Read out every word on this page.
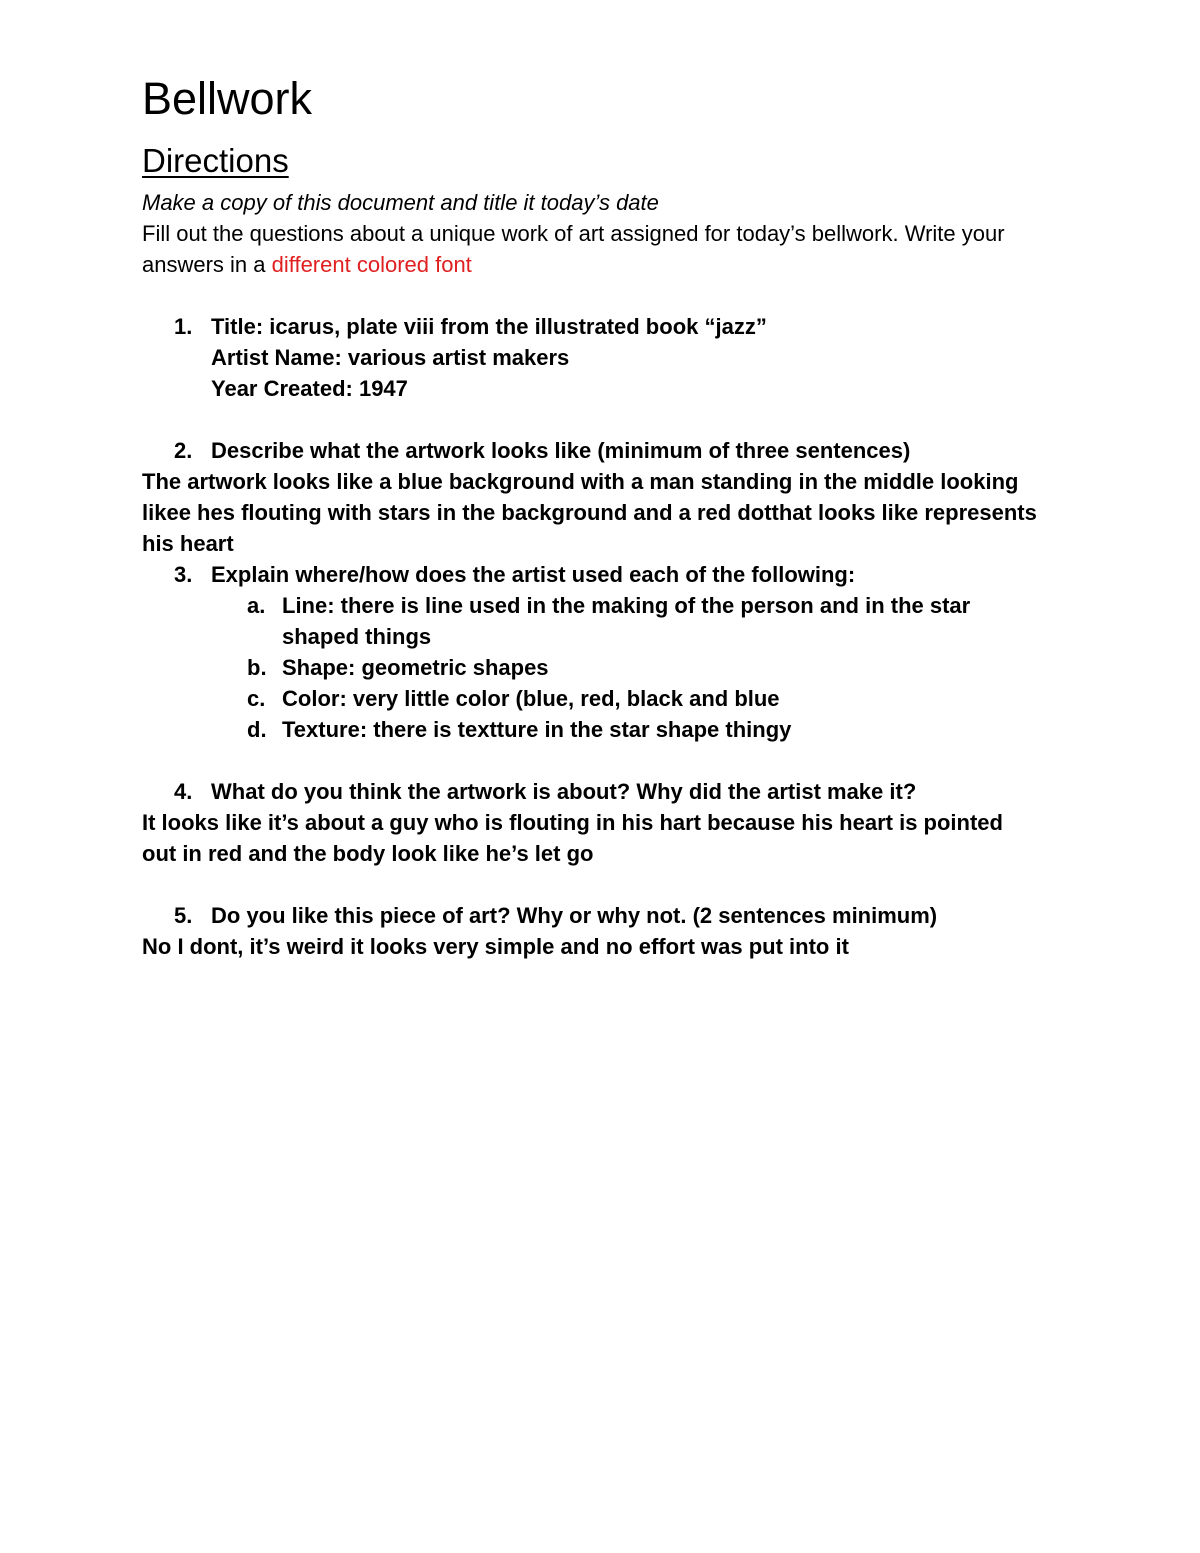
Bellwork
Directions

Make a copy of this document and title it today’s date

Fill out the questions about a unique work of art assigned for today’s bellwork. Write your answers in a different colored font

1. Title: icarus, plate viii from the illustrated book “jazz”
Artist Name: various artist makers
Year Created: 1947
2. Describe what the artwork looks like (minimum of three sentences)
The artwork looks like a blue background with a man standing in the middle looking likee hes flouting with stars in the background and a red dotthat looks like represents his heart
3. Explain where/how does the artist used each of the following:
a. Line: there is line used in the making of the person and in the star shaped things
b. Shape: geometric shapes
c. Color: very little color (blue, red, black and blue
d. Texture: there is textture in the star shape thingy
4. What do you think the artwork is about? Why did the artist make it?
It looks like it’s about a guy who is flouting in his hart because his heart is pointed out in red and the body look like he’s let go
5. Do you like this piece of art? Why or why not. (2 sentences minimum)
No I dont, it’s weird it looks very simple and no effort was put into it
